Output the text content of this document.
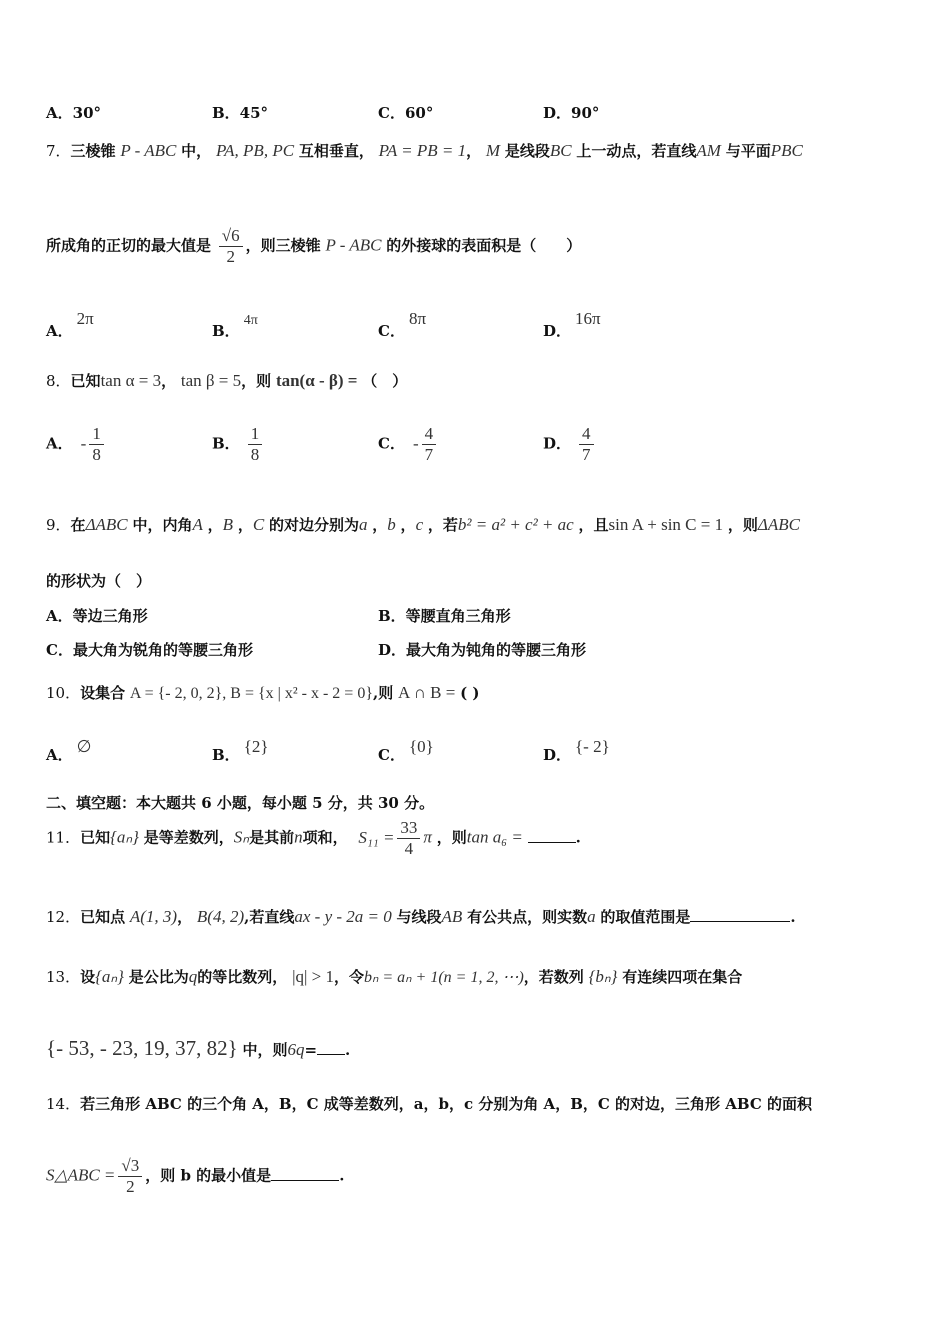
A．30°	B．45°	C．60°	D．90°
7．三棱锥 P - ABC 中， PA, PB, PC 互相垂直， PA = PB = 1， M 是线段BC 上一动点，若直线AM 与平面PBC
所成角的正切的最大值是 $\frac{√6}{2}$ ，则三棱锥 P - ABC 的外接球的表面积是（　　）
A．2π
B．4π
C．8π
D．16π
8．已知tan α = 3， tan β = 5，则 tan(α - β) = （　）
A． - $\frac{1}{8}$	B． $\frac{1}{8}$	C． - $\frac{4}{7}$	D． $\frac{4}{7}$
9．在ΔABC 中，内角A ，B ，C 的对边分别为a ，b ，c ，若b² = a² + c² + ac ，且sin A + sin C = 1 ，则ΔABC
的形状为（　）
A．等边三角形	B．等腰直角三角形
C．最大角为锐角的等腰三角形	D．最大角为钝角的等腰三角形
10．设集合 A = {- 2, 0, 2}, B = {x | x² - x - 2 = 0},则 A ∩ B = ( )
A． ∅	B． {2}	C． {0}	D． {- 2}
二、填空题：本大题共 6 小题，每小题 5 分，共 30 分。
11．已知{aₙ} 是等差数列，Sₙ是其前n项和， $S_{11} = \frac{33}{4}$ π ，则tan a₆ =	.
12．已知点 A(1, 3)， B(4, 2),若直线ax - y - 2a = 0 与线段AB 有公共点，则实数a 的取值范围是	.
13．设{aₙ} 是公比为q的等比数列， |q| > 1，令bₙ = aₙ + 1(n = 1, 2, ⋯)，若数列 {bₙ} 有连续四项在集合
{- 53, - 23, 19, 37, 82} 中，则6q= .
14．若三角形 ABC 的三个角 A，B，C 成等差数列，a，b，c 分别为角 A，B，C 的对边，三角形 ABC 的面积
S△ABC = $\frac{√3}{2}$ ，则 b 的最小值是	.
